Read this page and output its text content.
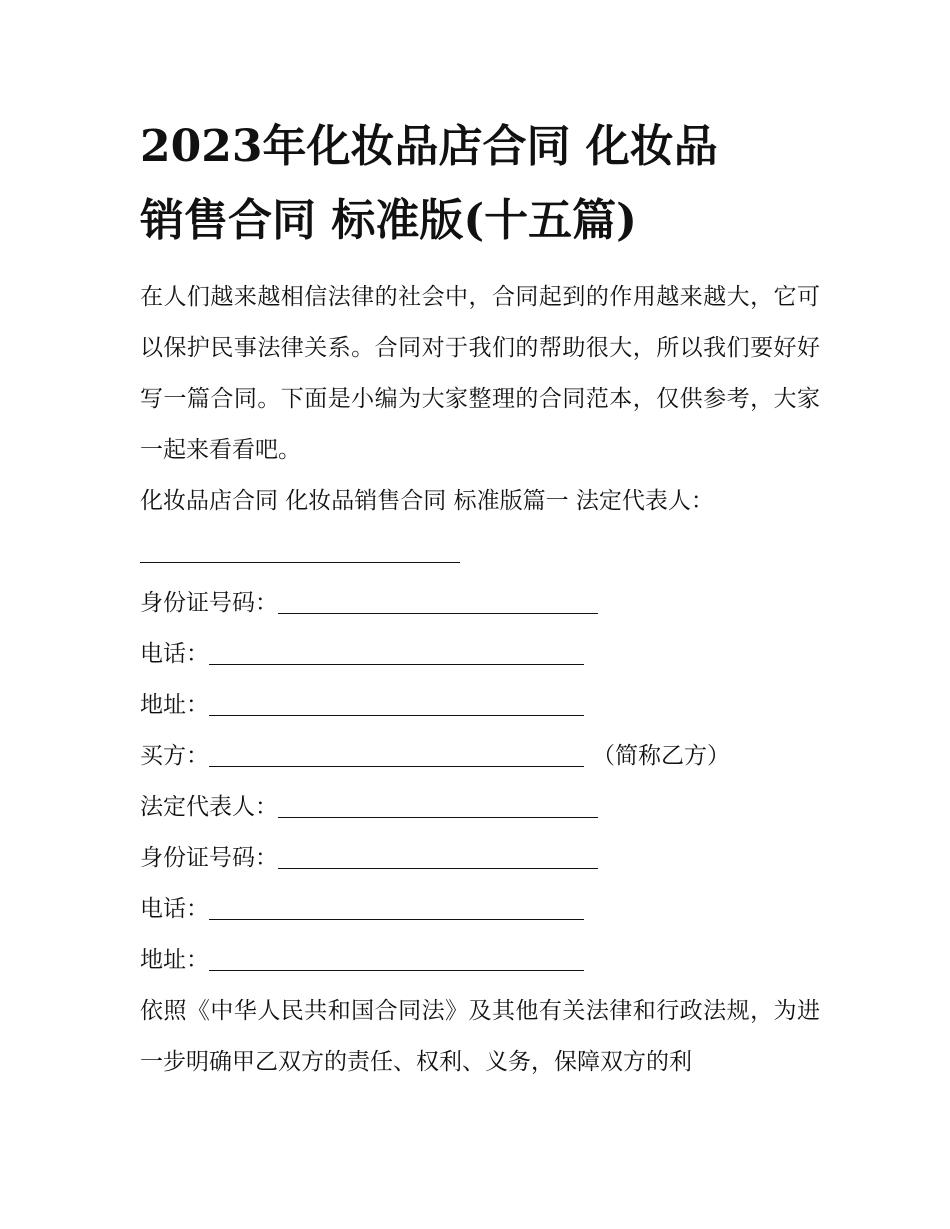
2023年化妆品店合同 化妆品
销售合同 标准版(十五篇)

在人们越来越相信法律的社会中，合同起到的作用越来越大，它可以保护民事法律关系。合同对于我们的帮助很大，所以我们要好好写一篇合同。下面是小编为大家整理的合同范本，仅供参考，大家一起来看看吧。

化妆品店合同 化妆品销售合同 标准版篇一 法定代表人：

身份证号码：

电话：

地址：

买方：	（简称乙方）

法定代表人：

身份证号码：

电话：

地址：

依照《中华人民共和国合同法》及其他有关法律和行政法规，为进一步明确甲乙双方的责任、权利、义务，保障双方的利
